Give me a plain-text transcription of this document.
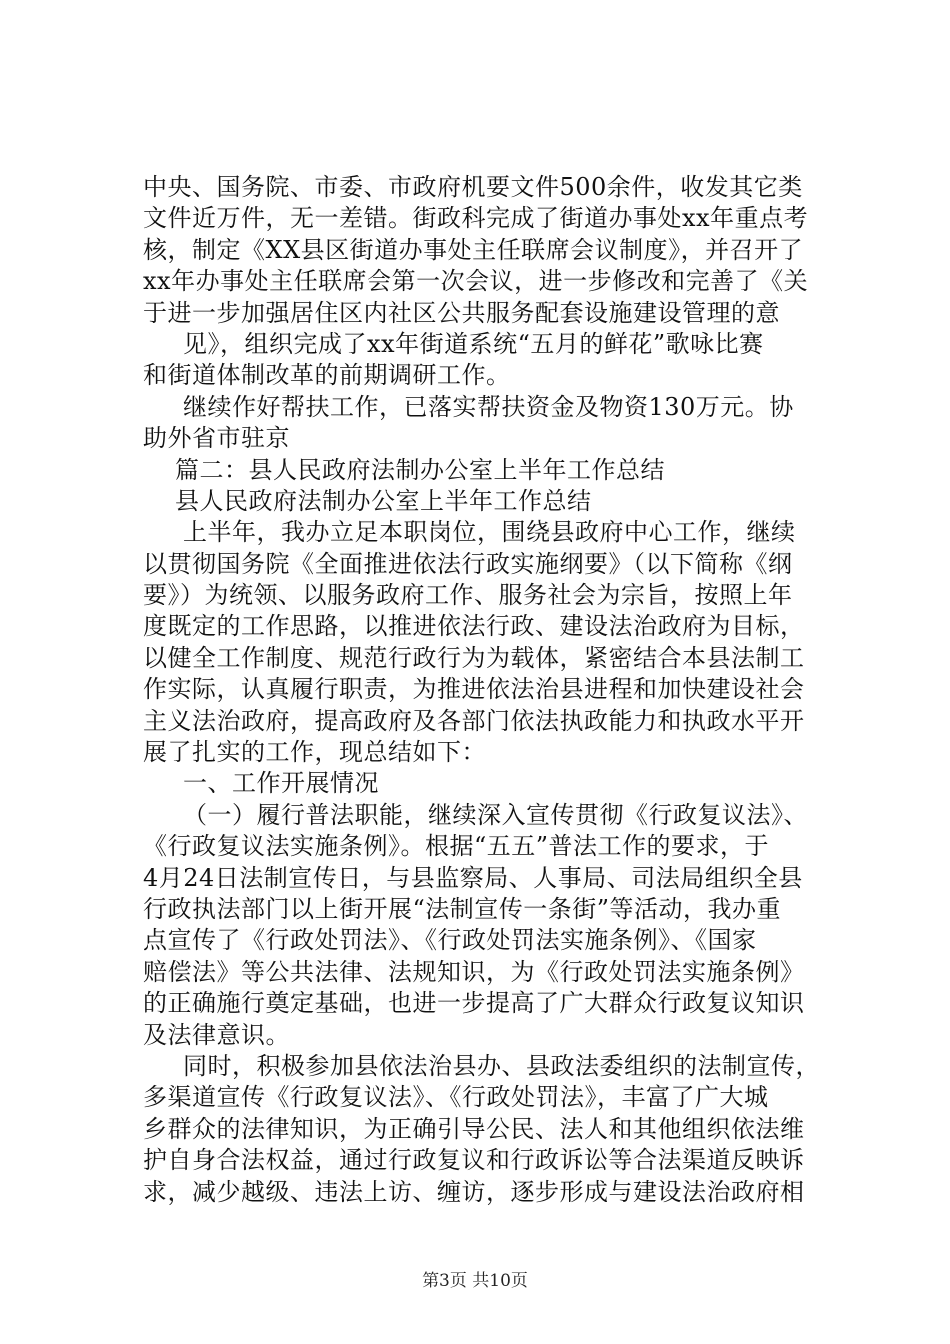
中央、国务院、市委、市政府机要文件500余件，收发其它类
文件近万件，无一差错。街政科完成了街道办事处xx年重点考
核，制定《XX县区街道办事处主任联席会议制度》，并召开了
xx年办事处主任联席会第一次会议，进一步修改和完善了《关
于进一步加强居住区内社区公共服务配套设施建设管理的意
见》，组织完成了xx年街道系统“五月的鲜花”歌咏比赛
和街道体制改革的前期调研工作。
继续作好帮扶工作，已落实帮扶资金及物资130万元。协
助外省市驻京
篇二：县人民政府法制办公室上半年工作总结
县人民政府法制办公室上半年工作总结
上半年，我办立足本职岗位，围绕县政府中心工作，继续
以贯彻国务院《全面推进依法行政实施纲要》（以下简称《纲
要》）为统领、以服务政府工作、服务社会为宗旨，按照上年
度既定的工作思路，以推进依法行政、建设法治政府为目标，
以健全工作制度、规范行政行为为载体，紧密结合本县法制工
作实际，认真履行职责，为推进依法治县进程和加快建设社会
主义法治政府，提高政府及各部门依法执政能力和执政水平开
展了扎实的工作，现总结如下：
一、工作开展情况
（一）履行普法职能，继续深入宣传贯彻《行政复议法》、
《行政复议法实施条例》。根据“五五”普法工作的要求，于
4月24日法制宣传日，与县监察局、人事局、司法局组织全县
行政执法部门以上街开展“法制宣传一条街”等活动，我办重
点宣传了《行政处罚法》、《行政处罚法实施条例》、《国家
赔偿法》等公共法律、法规知识，为《行政处罚法实施条例》
的正确施行奠定基础，也进一步提高了广大群众行政复议知识
及法律意识。
同时，积极参加县依法治县办、县政法委组织的法制宣传，
多渠道宣传《行政复议法》、《行政处罚法》，丰富了广大城
乡群众的法律知识，为正确引导公民、法人和其他组织依法维
护自身合法权益，通过行政复议和行政诉讼等合法渠道反映诉
求，减少越级、违法上访、缠访，逐步形成与建设法治政府相
第3页 共10页
